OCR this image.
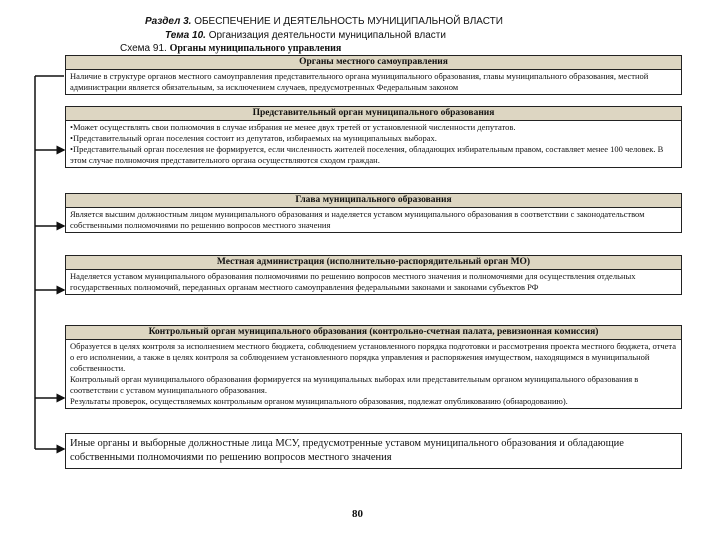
Раздел 3. ОБЕСПЕЧЕНИЕ И ДЕЯТЕЛЬНОСТЬ МУНИЦИПАЛЬНОЙ ВЛАСТИ
Тема 10. Организация деятельности муниципальной власти
Схема 91. Органы муниципального управления
Органы местного самоуправления

Наличие в структуре органов местного самоуправления представительного органа муниципального образования, главы муниципального образования, местной администрации является обязательным, за исключением случаев, предусмотренных Федеральным законом

Представительный орган муниципального образования

•Может осуществлять свои полномочия в случае избрания не менее двух третей от установленной численности депутатов.

•Представительный орган поселения состоит из депутатов, избираемых на муниципальных выборах.

•Представительный орган поселения не формируется, если численность жителей поселения, обладающих избирательным правом, составляет менее 100 человек. В этом случае полномочия представительного органа осуществляются сходом граждан.

Глава муниципального образования

Является высшим должностным лицом муниципального образования и наделяется уставом муниципального образования в соответствии с законодательством собственными полномочиями по решению вопросов местного значения

Местная администрация (исполнительно-распорядительный орган МО)

Наделяется уставом муниципального образования полномочиями по решению вопросов местного значения и полномочиями для осуществления отдельных государственных полномочий, переданных органам местного самоуправления федеральными законами и законами субъектов РФ

Контрольный орган муниципального образования (контрольно-счетная палата, ревизионная комиссия)

Образуется в целях контроля за исполнением местного бюджета, соблюдением установленного порядка подготовки и рассмотрения проекта местного бюджета, отчета о его исполнении, а также в целях контроля за соблюдением установленного порядка управления и распоряжения имуществом, находящимся в муниципальной собственности.

Контрольный орган муниципального образования формируется на муниципальных выборах или представительным органом муниципального образования в соответствии с уставом муниципального образования.

Результаты проверок, осуществляемых контрольным органом муниципального образования, подлежат опубликованию (обнародованию).

Иные органы и выборные должностные лица МСУ, предусмотренные уставом муниципального образования и обладающие собственными полномочиями по решению вопросов местного значения
80
